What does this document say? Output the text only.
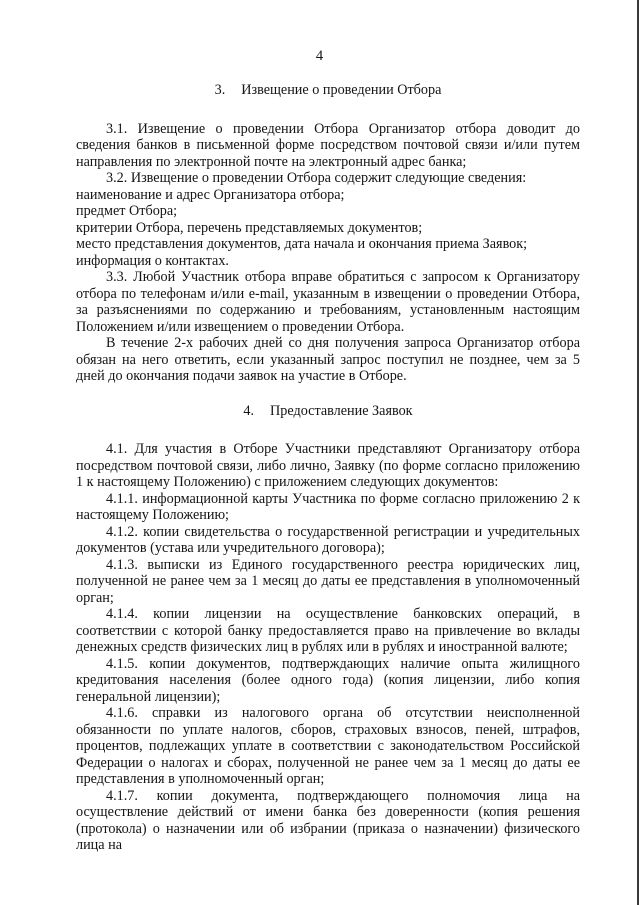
4

3. Извещение о проведении Отбора

3.1. Извещение о проведении Отбора Организатор отбора доводит до сведения банков в письменной форме посредством почтовой связи и/или путем направления по электронной почте на электронный адрес банка;

3.2. Извещение о проведении Отбора содержит следующие сведения:

наименование и адрес Организатора отбора;

предмет Отбора;

критерии Отбора, перечень представляемых документов;

место представления документов, дата начала и окончания приема Заявок;

информация о контактах.

3.3. Любой Участник отбора вправе обратиться с запросом к Организатору отбора по телефонам и/или e-mail, указанным в извещении о проведении Отбора, за разъяснениями по содержанию и требованиям, установленным настоящим Положением и/или извещением о проведении Отбора.

В течение 2-х рабочих дней со дня получения запроса Организатор отбора обязан на него ответить, если указанный запрос поступил не позднее, чем за 5 дней до окончания подачи заявок на участие в Отборе.

4. Предоставление Заявок

4.1. Для участия в Отборе Участники представляют Организатору отбора посредством почтовой связи, либо лично, Заявку (по форме согласно приложению 1 к настоящему Положению) с приложением следующих документов:

4.1.1. информационной карты Участника по форме согласно приложению 2 к настоящему Положению;

4.1.2. копии свидетельства о государственной регистрации и учредительных документов (устава или учредительного договора);

4.1.3. выписки из Единого государственного реестра юридических лиц, полученной не ранее чем за 1 месяц до даты ее представления в уполномоченный орган;

4.1.4. копии лицензии на осуществление банковских операций, в соответствии с которой банку предоставляется право на привлечение во вклады денежных средств физических лиц в рублях или в рублях и иностранной валюте;

4.1.5. копии документов, подтверждающих наличие опыта жилищного кредитования населения (более одного года) (копия лицензии, либо копия генеральной лицензии);

4.1.6. справки из налогового органа об отсутствии неисполненной обязанности по уплате налогов, сборов, страховых взносов, пеней, штрафов, процентов, подлежащих уплате в соответствии с законодательством Российской Федерации о налогах и сборах, полученной не ранее чем за 1 месяц до даты ее представления в уполномоченный орган;

4.1.7. копии документа, подтверждающего полномочия лица на осуществление действий от имени банка без доверенности (копия решения (протокола) о назначении или об избрании (приказа о назначении) физического лица на
